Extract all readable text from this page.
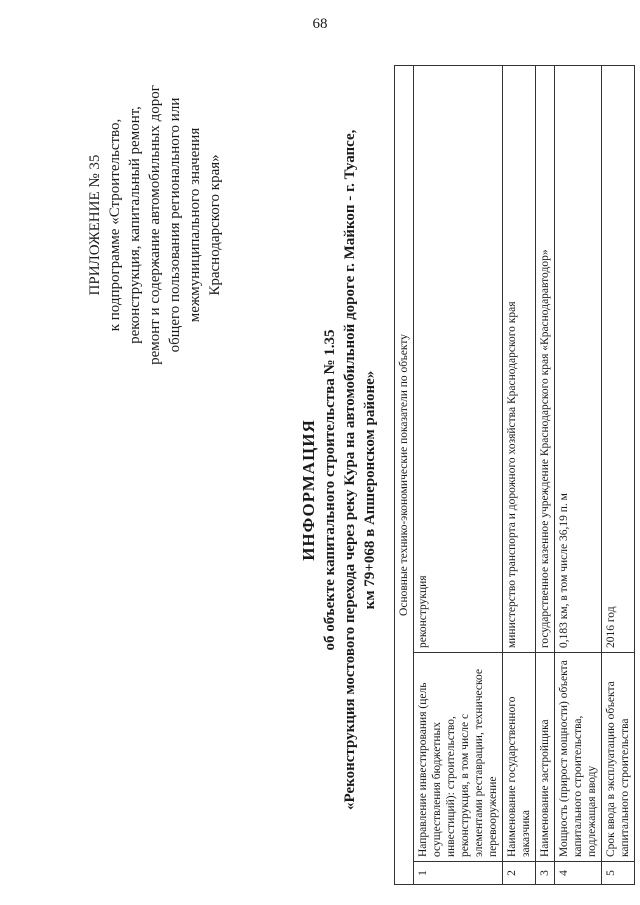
68
ПРИЛОЖЕНИЕ № 35 к подпрограмме «Строительство, реконструкция, капитальный ремонт, ремонт и содержание автомобильных дорог общего пользования регионального или межмуниципального значения Краснодарского края»
ИНФОРМАЦИЯ об объекте капитального строительства № 1.35 «Реконструкция мостового перехода через реку Кура на автомобильной дороге г. Майкоп - г. Туапсе, км 79+068 в Апшеронском районе» Основные технико-экономические показатели по объекту		
1	Направление инвестирования (цель осуществления бюджетных инвестиций): строительство, реконструкция, в том числе с элементами реставрации, техническое перевооружение	реконструкция
2	Наименование государственного заказчика	министерство транспорта и дорожного хозяйства Краснодарского края
3	Наименование застройщика	государственное казенное учреждение Краснодарского края «Краснодаравтодор»
4	Мощность (прирост мощности) объекта капитального строительства, подлежащая вводу	0,183 км, в том числе 36,19 п. м
5	Срок ввода в эксплуатацию объекта капитального строительства	2016 год
